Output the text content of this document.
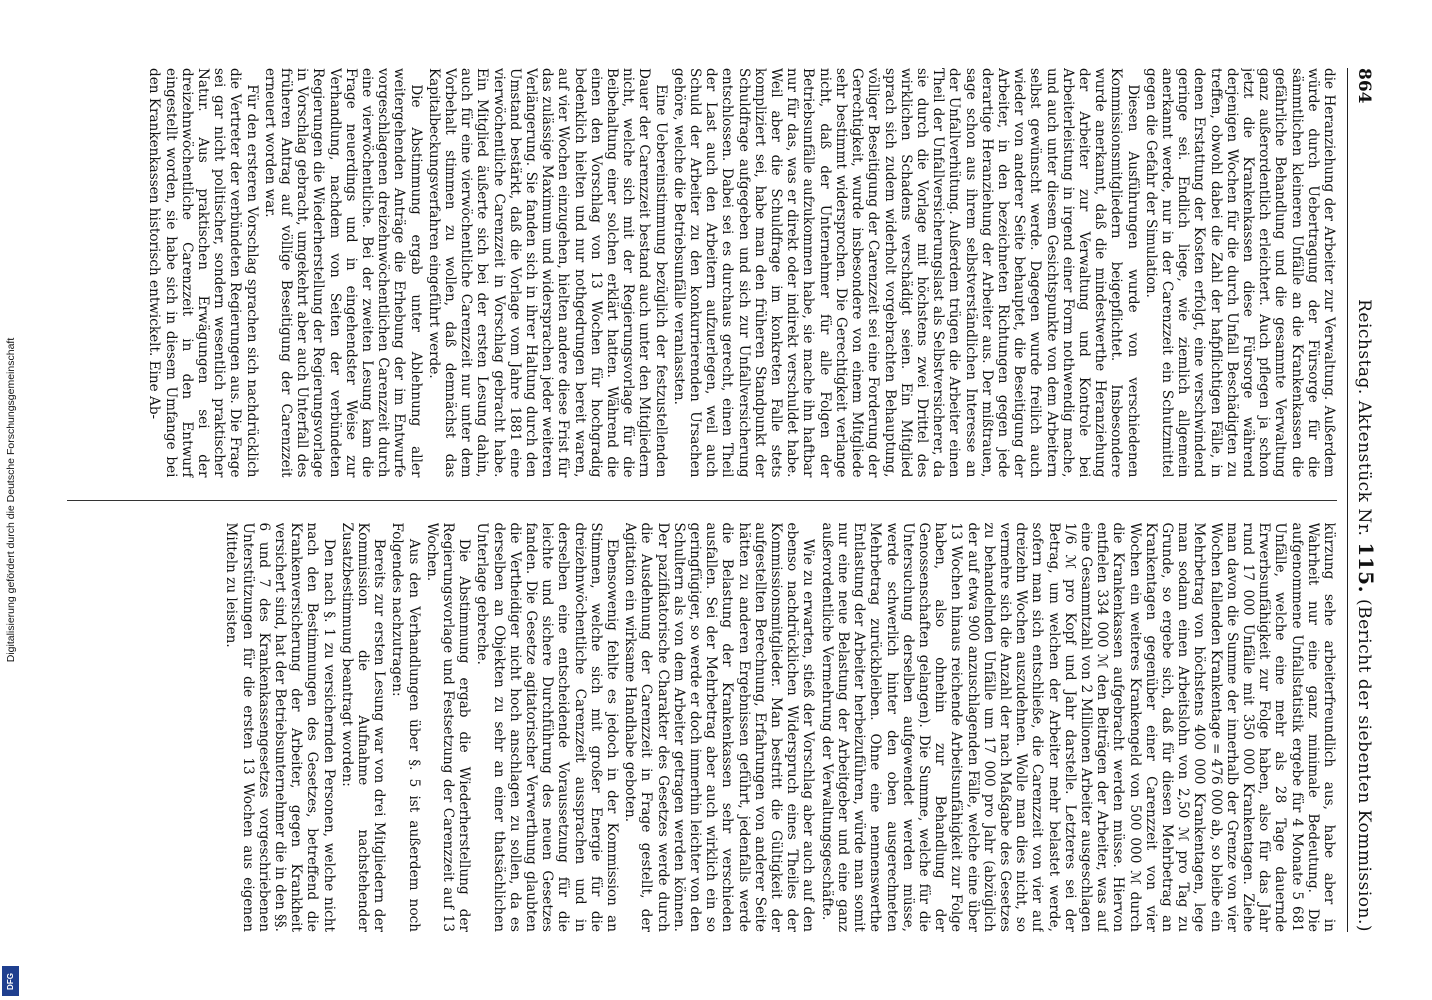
864
Reichstag. Aktenstück Nr. 115. (Bericht der siebenten Kommission.)

die Heranziehung der Arbeiter zur Verwaltung. Außerdem würde durch Uebertragung der Fürsorge für die sämmtlichen kleineren Unfälle an die Krankenkassen die gefährliche Behandlung und die gesammte Verwaltung ganz außerordentlich erleichtert. Auch pflegen ja schon jetzt die Krankenkassen diese Fürsorge während derjenigen Wochen für die durch Unfall Beschädigten zu treffen, obwohl dabei die Zahl der hafpflichtigen Fälle, in denen Erstattung der Kosten erfolgt, eine verschwindend geringe sei. Endlich liege, wie ziemlich allgemein anerkannt werde, nur in der Carenzzeit ein Schutzmittel gegen die Gefahr der Simulation.

Diesen Ausführungen wurde von verschiedenen Kommissionsmitgliedern beigepflichtet. Insbesondere wurde anerkannt, daß die mindestwerthe Heranziehung der Arbeiter zur Verwaltung und Kontrole bei Arbeiterleistung in irgend einer Form nothwendig mache, und auch unter diesem Gesichtspunkte von dem Arbeitern selbst gewünscht werde. Dagegen wurde freilich auch wieder von anderer Seite behauptet, die Beseitigung der Arbeiter, in den bezeichneten Richtungen gegen jede derartige Heranziehung der Arbeiter aus. Der mißtrauen, sage schon aus ihrem selbstverständlichen Interesse an der Unfallverhütung. Außerdem trügen die Arbeiter einen Theil der Unfallversicherungslast als Selbstversicherer, da sie durch die Vorlage mit höchstens zwei Drittel des wirklichen Schadens verschädigt seien. Ein Mitglied sprach sich zudem widerholt vorgebrachten Behauptung, völliger Beseitigung der Carenzzeit sei eine Forderung der Gerechtigkeit, wurde insbesondere von einem Mitgliede sehr bestimmt widersprochen. Die Gerechtigkeit verlange nicht, daß der Unternehmer für alle Folgen der Betriebsunfälle aufzukommen habe, sie mache ihn haftbar nur für das, was er direkt oder indirekt verschuldet habe. Weil aber die Schuldfrage im konkreten Falle stets kompliziert sei, habe man den früheren Standpunkt der Schuldfrage aufgegeben und sich zur Unfallversicherung entschlossen. Dabei sei es durchaus gerecht, einen Theil der Last auch den Arbeitern aufzuerlegen, weil auch Schuld der Arbeiter zu den konkurrierenden Ursachen gehöre, welche die Betriebsunfälle veranlassten.

Eine Uebereinstimmung bezüglich der festzustellenden Dauer der Carenzzeit bestand auch unter den Mitgliedern nicht, welche sich mit der Regierungsvorlage für die Beibehaltung einer solchen erklärt hatten. Während die einen den Vorschlag von 13 Wochen für hochgradig bedenklich hielten und nur nothgedrungen bereit waren, auf vier Wochen einzugehen, hielten andere diese Frist für das zulässige Maximum und widersprachen jeder weiteren Verlängerung. Sie fanden sich in ihrer Haltung durch den Umstand bestärkt, daß die Vorlage vom Jahre 1881 eine vierwöchentliche Carenzzeit in Vorschlag gebracht habe. Ein Mitglied äußerte sich bei der ersten Lesung dahin, auch für eine vierwöchentliche Carenzzeit nur unter dem Vorbehalt stimmen zu wollen, daß demnächst das Kapitalbeckungsverfahren eingeführt werde.

Die Abstimmung ergab unter Ablehnung aller weitergehenden Anträge die Erhebung der im Entwurfe vorgeschlagenen dreizehnwöchentlichen Carenzzeit durch eine vierwöchentliche. Bei der zweiten Lesung kam die Frage neuerdings und in eingehendster Weise zur Verhandlung, nachdem von Seiten der verbündeten Regierungen die Wiederherstellung der Regierungsvorlage in Vorschlag gebracht, umgekehrt aber auch Unterfall des früheren Antrag auf völlige Beseitigung der Carenzzeit erneuert worden war.

Für den ersteren Vorschlag sprachen sich nachdrücklich die Vertreter der verbündeten Regierungen aus. Die Frage sei gar nicht politischer, sondern wesentlich praktischer Natur. Aus praktischen Erwägungen sei der dreizehnwöchentliche Carenzzeit in den Entwurf eingestellt worden, sie habe sich in diesem Umfange bei den Krankenkassen historisch entwickelt. Eine Ab-

kürzung sehe arbeiterfreundlich aus, habe aber in Wahrheit nur eine ganz minimale Bedeutung. Die aufgenommene Unfallstatistik ergebe für 4 Monate 5 681 Unfälle, welche eine mehr als 28 Tage dauernde Erwerbsunfähigkeit zur Folge haben, also für das Jahr rund 17 000 Unfälle mit 350 000 Krankentagen. Ziehe man davon die Summe der innerhalb der Grenze von vier Wochen fallenden Krankentage = 476 000 ab, so bleibe ein Mehrbetrag von höchstens 400 000 Krankentagen, lege man sodann einen Arbeitslohn von 2,50 ℳ pro Tag zu Grunde, so ergebe sich, daß für diesen Mehrbetrag an Krankentagen gegenüber einer Carenzzeit von vier Wochen ein weiteres Krankengeld von 500 000 ℳ durch die Krankenkassen aufgebracht werden müsse. Hiervon entfielen 334 000 ℳ den Beiträgen der Arbeiter, was auf eine Gesammtzahl von 2 Millionen Arbeiter ausgeschlagen 1/6 ℳ pro Kopf und Jahr darstelle. Letzteres sei der Betrag, um welchen der Arbeiter mehr belastet werde, sofern man sich entschließe, die Carenzzeit von vier auf dreizehn Wochen auszudehnen. Wolle man dies nicht, so vermehre sich die Anzahl der nach Maßgabe des Gesetzes zu behandelnden Unfälle um 17 000 pro Jahr (abzüglich der auf etwa 900 anzuschlagenden Fälle, welche eine über 13 Wochen hinaus reichende Arbeitsunfähigkeit zur Folge haben, also ohnehin zur Behandlung der Genossenschaften gelangen). Die Summe, welche für die Untersuchung derselben aufgewendet werden müsse, werde schwerlich hinter den oben ausgerechneten Mehrbetrag zurückbleiben. Ohne eine nennenswerthe Entlastung der Arbeiter herbeizuführen, würde man somit nur eine neue Belastung der Arbeitgeber und eine ganz außerordentliche Vermehrung der Verwaltungsgeschäfte.

Wie zu erwarten, stieß der Vorschlag aber auch auf den ebenso nachdrücklichen Widerspruch eines Theiles der Kommissionsmitglieder. Man bestritt die Gültigkeit der aufgestellten Berechnung, Erfahrungen von anderer Seite hätten zu anderen Ergebnissen geführt, jedenfalls werde die Belastung der Krankenkassen sehr verschieden ausfallen. Sei der Mehrbetrag aber auch wirklich ein so geringfügiger, so werde er doch immerhin leichter von den Schultern als von dem Arbeiter getragen werden können. Der pazifikatorische Charakter des Gesetzes werde durch die Ausdehnung der Carenzzeit in Frage gestellt, der Agitation ein wirksame Handhabe geboten.

Ebensowenig fehlte es jedoch in der Kommission an Stimmen, welche sich mit großer Energie für die dreizehnwöchentliche Carenzzeit aussprachen und in derselben eine entscheidende Voraussetzung für die leichte und sichere Durchführung des neuen Gesetzes fanden. Die Gesetze agitatorischer Verwerthung glaubten die Vertheidiger nicht hoch anschlagen zu sollen, da es derselben an Objekten zu sehr an einer thatsächlichen Unterlage gebreche.

Die Abstimmung ergab die Wiederherstellung der Regierungsvorlage und Festsetzung der Carenzzeit auf 13 Wochen.

Aus den Verhandlungen über §. 5 ist außerdem noch Folgendes nachzutragen:

Bereits zur ersten Lesung war von drei Mitgliedern der Kommission die Aufnahme nachstehender Zusatzbestimmung beantragt worden:

Den nach §. 1 zu versichernden Personen, welche nicht nach den Bestimmungen des Gesetzes, betreffend die Krankenversicherung der Arbeiter, gegen Krankheit versichert sind, hat der Betriebsunternehmer die in den §§. 6 und 7 des Krankenkassengesetzes vorgeschriebenen Unterstützungen für die ersten 13 Wochen aus eigenen Mitteln zu leisten.

Digitalisierung gefördert durch die Deutsche Forschungsgemeinschaft
DFG
